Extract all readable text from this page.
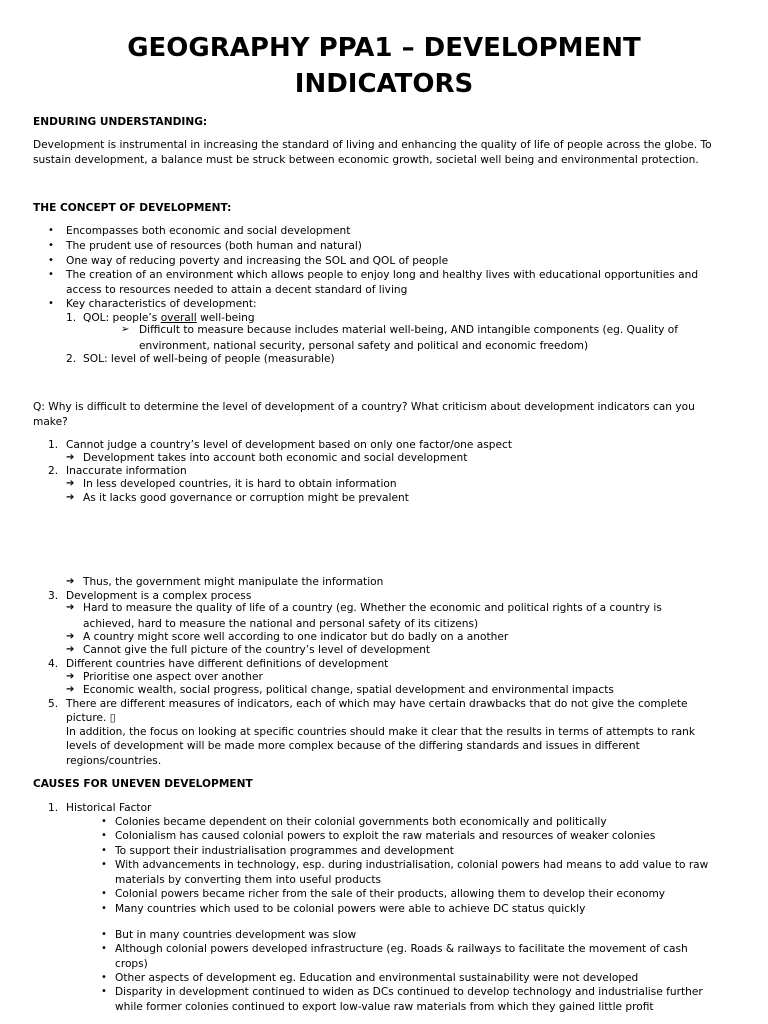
GEOGRAPHY PPA1 – DEVELOPMENT
INDICATORS
ENDURING UNDERSTANDING:
Development is instrumental in increasing the standard of living and enhancing the quality of life of people across the globe. To
sustain development, a balance must be struck between economic growth, societal well being and environmental protection.
THE CONCEPT OF DEVELOPMENT:
• Encompasses both economic and social development
• The prudent use of resources (both human and natural)
• One way of reducing poverty and increasing the SOL and QOL of people
• The creation of an environment which allows people to enjoy long and healthy lives with educational opportunities and
access to resources needed to attain a decent standard of living
• Key characteristics of development:
1. QOL: people’s overall well-being
➢ Difficult to measure because includes material well-being, AND intangible components (eg. Quality of
environment, national security, personal safety and political and economic freedom)
2. SOL: level of well-being of people (measurable)
Q: Why is difficult to determine the level of development of a country? What criticism about development indicators can you
make?
1. Cannot judge a country’s level of development based on only one factor/one aspect
➔ Development takes into account both economic and social development
2. Inaccurate information
➔ In less developed countries, it is hard to obtain information
➔ As it lacks good governance or corruption might be prevalent
➔ Thus, the government might manipulate the information
3. Development is a complex process
➔ Hard to measure the quality of life of a country (eg. Whether the economic and political rights of a country is
achieved, hard to measure the national and personal safety of its citizens)
➔ A country might score well according to one indicator but do badly on a another
➔ Cannot give the full picture of the country’s level of development
4. Different countries have different definitions of development
➔ Prioritise one aspect over another
➔ Economic wealth, social progress, political change, spatial development and environmental impacts
5. There are different measures of indicators, each of which may have certain drawbacks that do not give the complete
picture. ▯
In addition, the focus on looking at specific countries should make it clear that the results in terms of attempts to rank
levels of development will be made more complex because of the differing standards and issues in different
regions/countries.
CAUSES FOR UNEVEN DEVELOPMENT
1. Historical Factor
• Colonies became dependent on their colonial governments both economically and politically
• Colonialism has caused colonial powers to exploit the raw materials and resources of weaker colonies
• To support their industrialisation programmes and development
• With advancements in technology, esp. during industrialisation, colonial powers had means to add value to raw
materials by converting them into useful products
• Colonial powers became richer from the sale of their products, allowing them to develop their economy
• Many countries which used to be colonial powers were able to achieve DC status quickly
• But in many countries development was slow
• Although colonial powers developed infrastructure (eg. Roads & railways to facilitate the movement of cash
crops)
• Other aspects of development eg. Education and environmental sustainability were not developed
• Disparity in development continued to widen as DCs continued to develop technology and industrialise further
while former colonies continued to export low-value raw materials from which they gained little profit
